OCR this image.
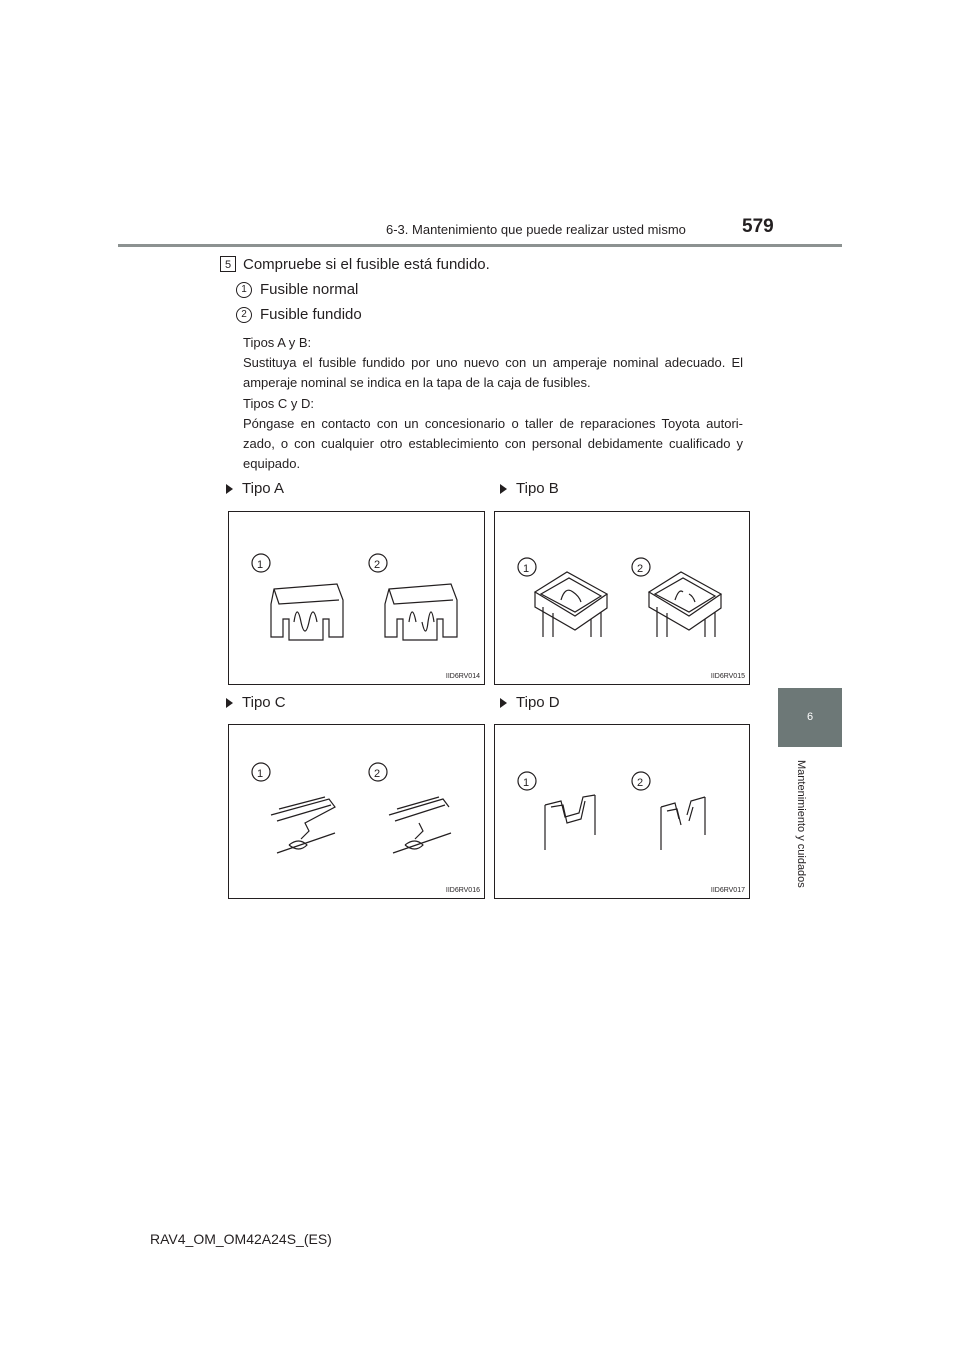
6-3. Mantenimiento que puede realizar usted mismo	579
6
Mantenimiento y cuidados
5 Compruebe si el fusible está fundido.
1 Fusible normal
2 Fusible fundido
Tipos A y B:
Sustituya el fusible fundido por uno nuevo con un amperaje nominal adecuado. El amperaje nominal se indica en la tapa de la caja de fusibles.
Tipos C y D:
Póngase en contacto con un concesionario o taller de reparaciones Toyota autori-zado, o con cualquier otro establecimiento con personal debidamente cualificado y equipado.
Tipo A	Tipo B
Tipo C	Tipo D
1	2
IID6RV014
1	2
IID6RV015
1	2
IID6RV016
1	2
IID6RV017
RAV4_OM_OM42A24S_(ES)
